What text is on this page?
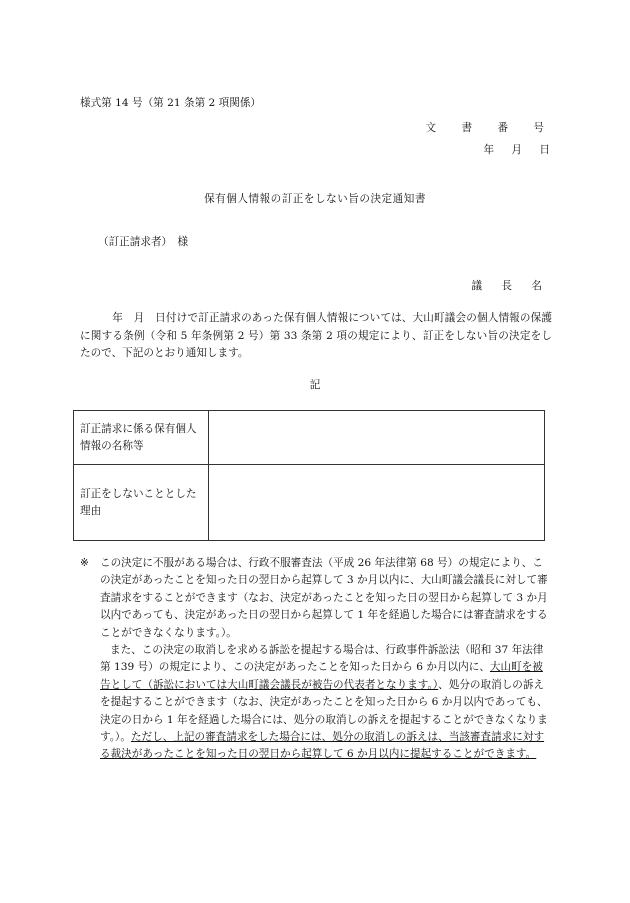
様式第 14 号（第 21 条第 2 項関係）
文 書 番 号
年 月 日
保有個人情報の訂正をしない旨の決定通知書
（訂正請求者）　様
議 長 名
　　　年　月　日付けで訂正請求のあった保有個人情報については、大山町議会の個人情報の保護に関する条例（令和 5 年条例第 2 号）第 33 条第 2 項の規定により、訂正をしない旨の決定をしたので、下記のとおり通知します。
記
訂正請求に係る保有個人情報の名称等	
訂正をしないこととした理由	
※	この決定に不服がある場合は、行政不服審査法（平成 26 年法律第 68 号）の規定により、この決定があったことを知った日の翌日から起算して 3 か月以内に、大山町議会議長に対して審査請求をすることができます（なお、決定があったことを知った日の翌日から起算して 3 か月以内であっても、決定があった日の翌日から起算して 1 年を経過した場合には審査請求をすることができなくなります。）。
また、この決定の取消しを求める訴訟を提起する場合は、行政事件訴訟法（昭和 37 年法律第 139 号）の規定により、この決定があったことを知った日から 6 か月以内に、大山町を被告として（訴訟においては大山町議会議長が被告の代表者となります。）、処分の取消しの訴えを提起することができます（なお、決定があったことを知った日から 6 か月以内であっても、決定の日から 1 年を経過した場合には、処分の取消しの訴えを提起することができなくなります。）。ただし、上記の審査請求をした場合には、処分の取消しの訴えは、当該審査請求に対する裁決があったことを知った日の翌日から起算して 6 か月以内に提起することができます。
